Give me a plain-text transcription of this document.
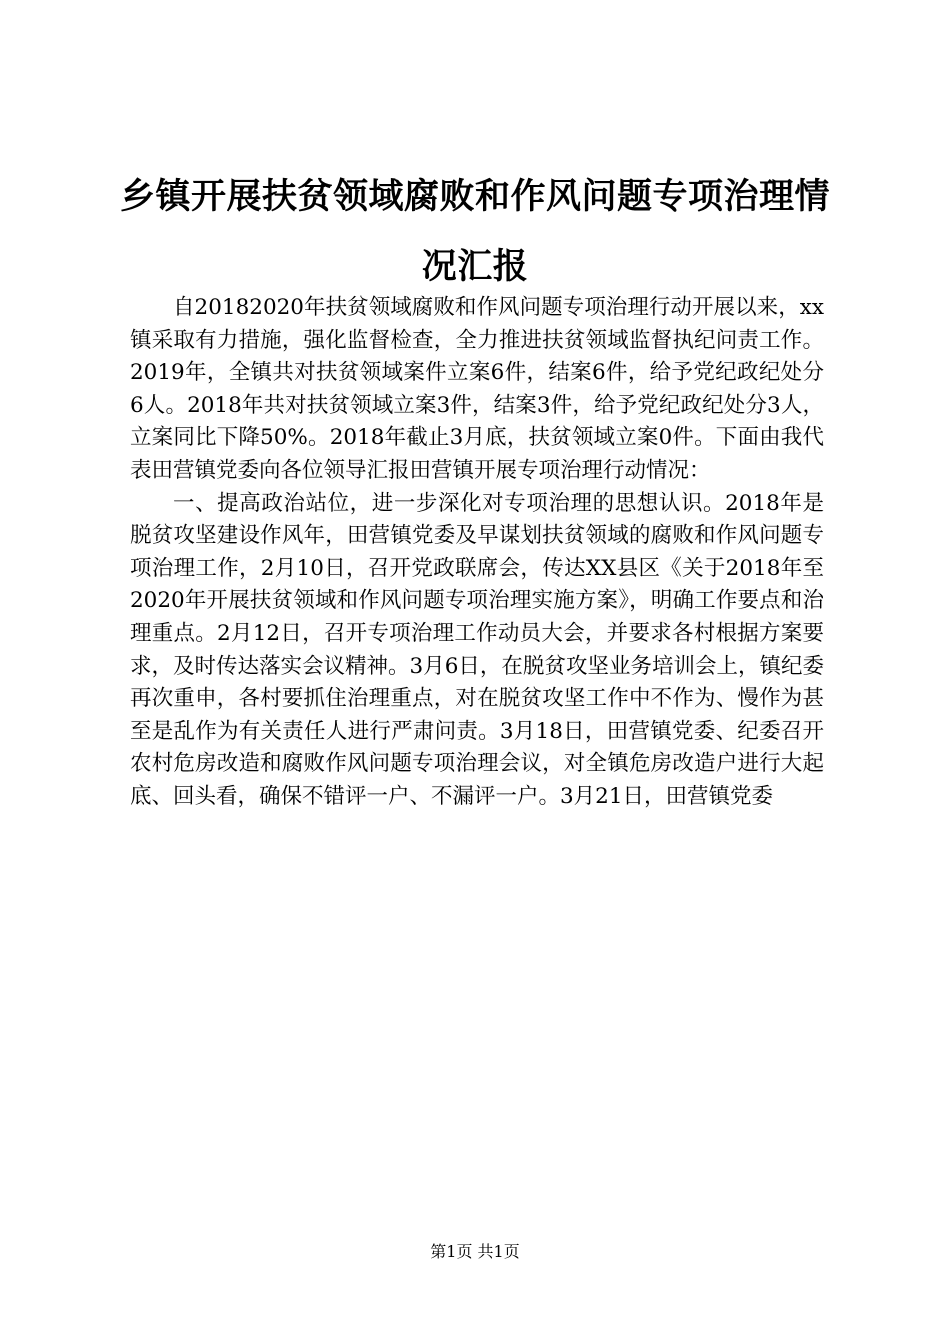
乡镇开展扶贫领域腐败和作风问题专项治理情况汇报

自20182020年扶贫领域腐败和作风问题专项治理行动开展以来，xx镇采取有力措施，强化监督检查，全力推进扶贫领域监督执纪问责工作。2019年，全镇共对扶贫领域案件立案6件，结案6件，给予党纪政纪处分6人。2018年共对扶贫领域立案3件，结案3件，给予党纪政纪处分3人，立案同比下降50%。2018年截止3月底，扶贫领域立案0件。下面由我代表田营镇党委向各位领导汇报田营镇开展专项治理行动情况：

一、提高政治站位，进一步深化对专项治理的思想认识。2018年是脱贫攻坚建设作风年，田营镇党委及早谋划扶贫领域的腐败和作风问题专项治理工作，2月10日，召开党政联席会，传达XX县区《关于2018年至2020年开展扶贫领域和作风问题专项治理实施方案》，明确工作要点和治理重点。2月12日，召开专项治理工作动员大会，并要求各村根据方案要求，及时传达落实会议精神。3月6日，在脱贫攻坚业务培训会上，镇纪委再次重申，各村要抓住治理重点，对在脱贫攻坚工作中不作为、慢作为甚至是乱作为有关责任人进行严肃问责。3月18日，田营镇党委、纪委召开农村危房改造和腐败作风问题专项治理会议，对全镇危房改造户进行大起底、回头看，确保不错评一户、不漏评一户。3月21日，田营镇党委

第1页 共1页
